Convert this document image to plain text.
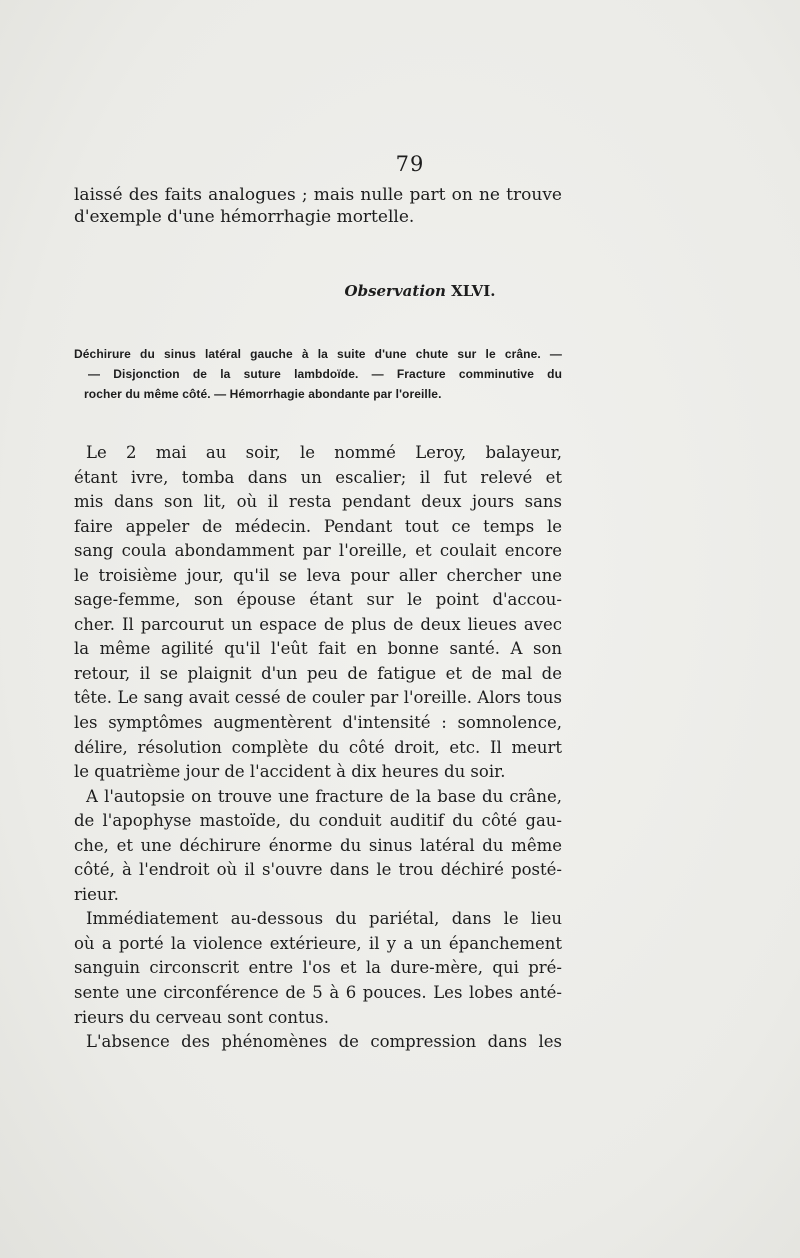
79
laissé des faits analogues ; mais nulle part on ne trouve
d'exemple d'une hémorrhagie mortelle.
Observation XLVI.
Déchirure du sinus latéral gauche à la suite d'une chute sur le crâne. —
— Disjonction de la suture lambdoïde. — Fracture comminutive du
rocher du même côté. — Hémorrhagie abondante par l'oreille.
Le 2 mai au soir, le nommé Leroy, balayeur,
étant ivre, tomba dans un escalier; il fut relevé et
mis dans son lit, où il resta pendant deux jours sans
faire appeler de médecin. Pendant tout ce temps le
sang coula abondamment par l'oreille, et coulait encore
le troisième jour, qu'il se leva pour aller chercher une
sage-femme, son épouse étant sur le point d'accou-
cher. Il parcourut un espace de plus de deux lieues avec
la même agilité qu'il l'eût fait en bonne santé. A son
retour, il se plaignit d'un peu de fatigue et de mal de
tête. Le sang avait cessé de couler par l'oreille. Alors tous
les symptômes augmentèrent d'intensité : somnolence,
délire, résolution complète du côté droit, etc. Il meurt
le quatrième jour de l'accident à dix heures du soir.
A l'autopsie on trouve une fracture de la base du crâne,
de l'apophyse mastoïde, du conduit auditif du côté gau-
che, et une déchirure énorme du sinus latéral du même
côté, à l'endroit où il s'ouvre dans le trou déchiré posté-
rieur.
Immédiatement au-dessous du pariétal, dans le lieu
où a porté la violence extérieure, il y a un épanchement
sanguin circonscrit entre l'os et la dure-mère, qui pré-
sente une circonférence de 5 à 6 pouces. Les lobes anté-
rieurs du cerveau sont contus.
L'absence des phénomènes de compression dans les
